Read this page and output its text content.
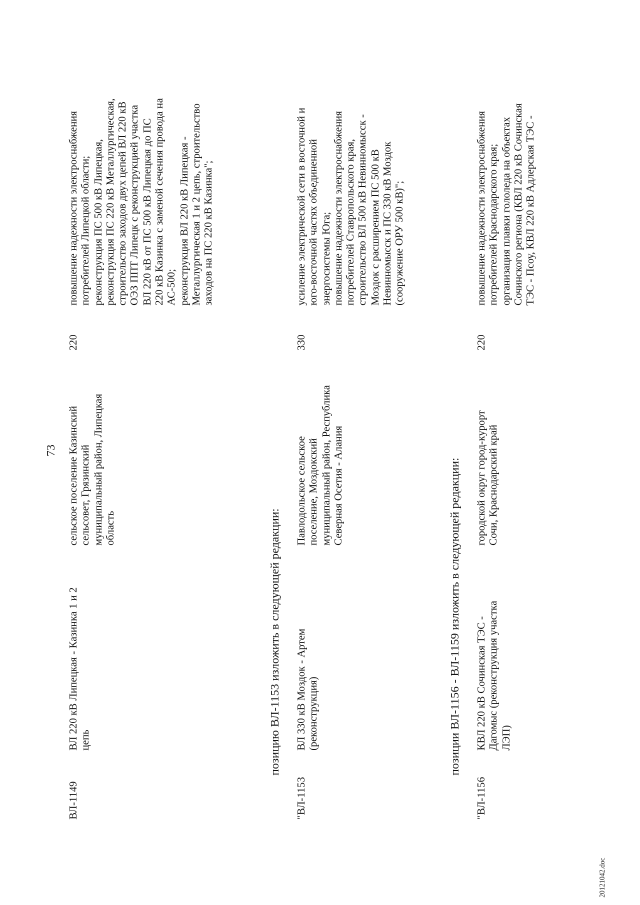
73
ВЛ-1149
ВЛ 220 кВ Липецкая - Казинка 1 и 2
цепь
сельское поселение Казинский
сельсовет, Грязинский
муниципальный район, Липецкая
область
220
повышение надежности электроснабжения
потребителей Липецкой области;
реконструкция ПС 500 кВ Липецкая,
реконструкция ПС 220 кВ Металлургическая,
строительство заходов двух цепей ВЛ 220 кВ
ОЭЗ ППТ Липецк с реконструкцией участка
ВЛ 220 кВ от ПС 500 кВ Липецкая до ПС
220 кВ Казинка с заменой сечения провода на
АС-500;
реконструкция ВЛ 220 кВ Липецкая -
Металлургическая 1 и 2 цепь, строительство
заходов на ПС 220 кВ Казинка";
позицию ВЛ-1153 изложить в следующей редакции:
"ВЛ-1153
ВЛ 330 кВ Моздок - Артем
(реконструкция)
Павлодольское сельское
поселение, Моздокский
муниципальный район, Республика
Северная Осетия - Алания
330
усиление электрической сети в восточной и
юго-восточной частях объединенной
энергосистемы Юга;
повышение надежности электроснабжения
потребителей Ставропольского края,
строительство ВЛ 500 кВ Невинномысск -
Моздок с расширением ПС 500 кВ
Невинномысск и ПС 330 кВ Моздок
(сооружение ОРУ 500 кВ)";
позиции ВЛ-1156 - ВЛ-1159 изложить в следующей редакции:
"ВЛ-1156
КВЛ 220 кВ Сочинская ТЭС -
Дагомыс (реконструкция участка
ЛЭП)
городской округ город-курорт
Сочи, Краснодарский край
220
повышение надежности электроснабжения
потребителей Краснодарского края;
организация плавки гололеда на объектах
Сочинского региона (КВЛ 220 кВ Сочинская
ТЭС - Псоу, КВЛ 220 кВ Адлерская ТЭС -
20121042.doc
